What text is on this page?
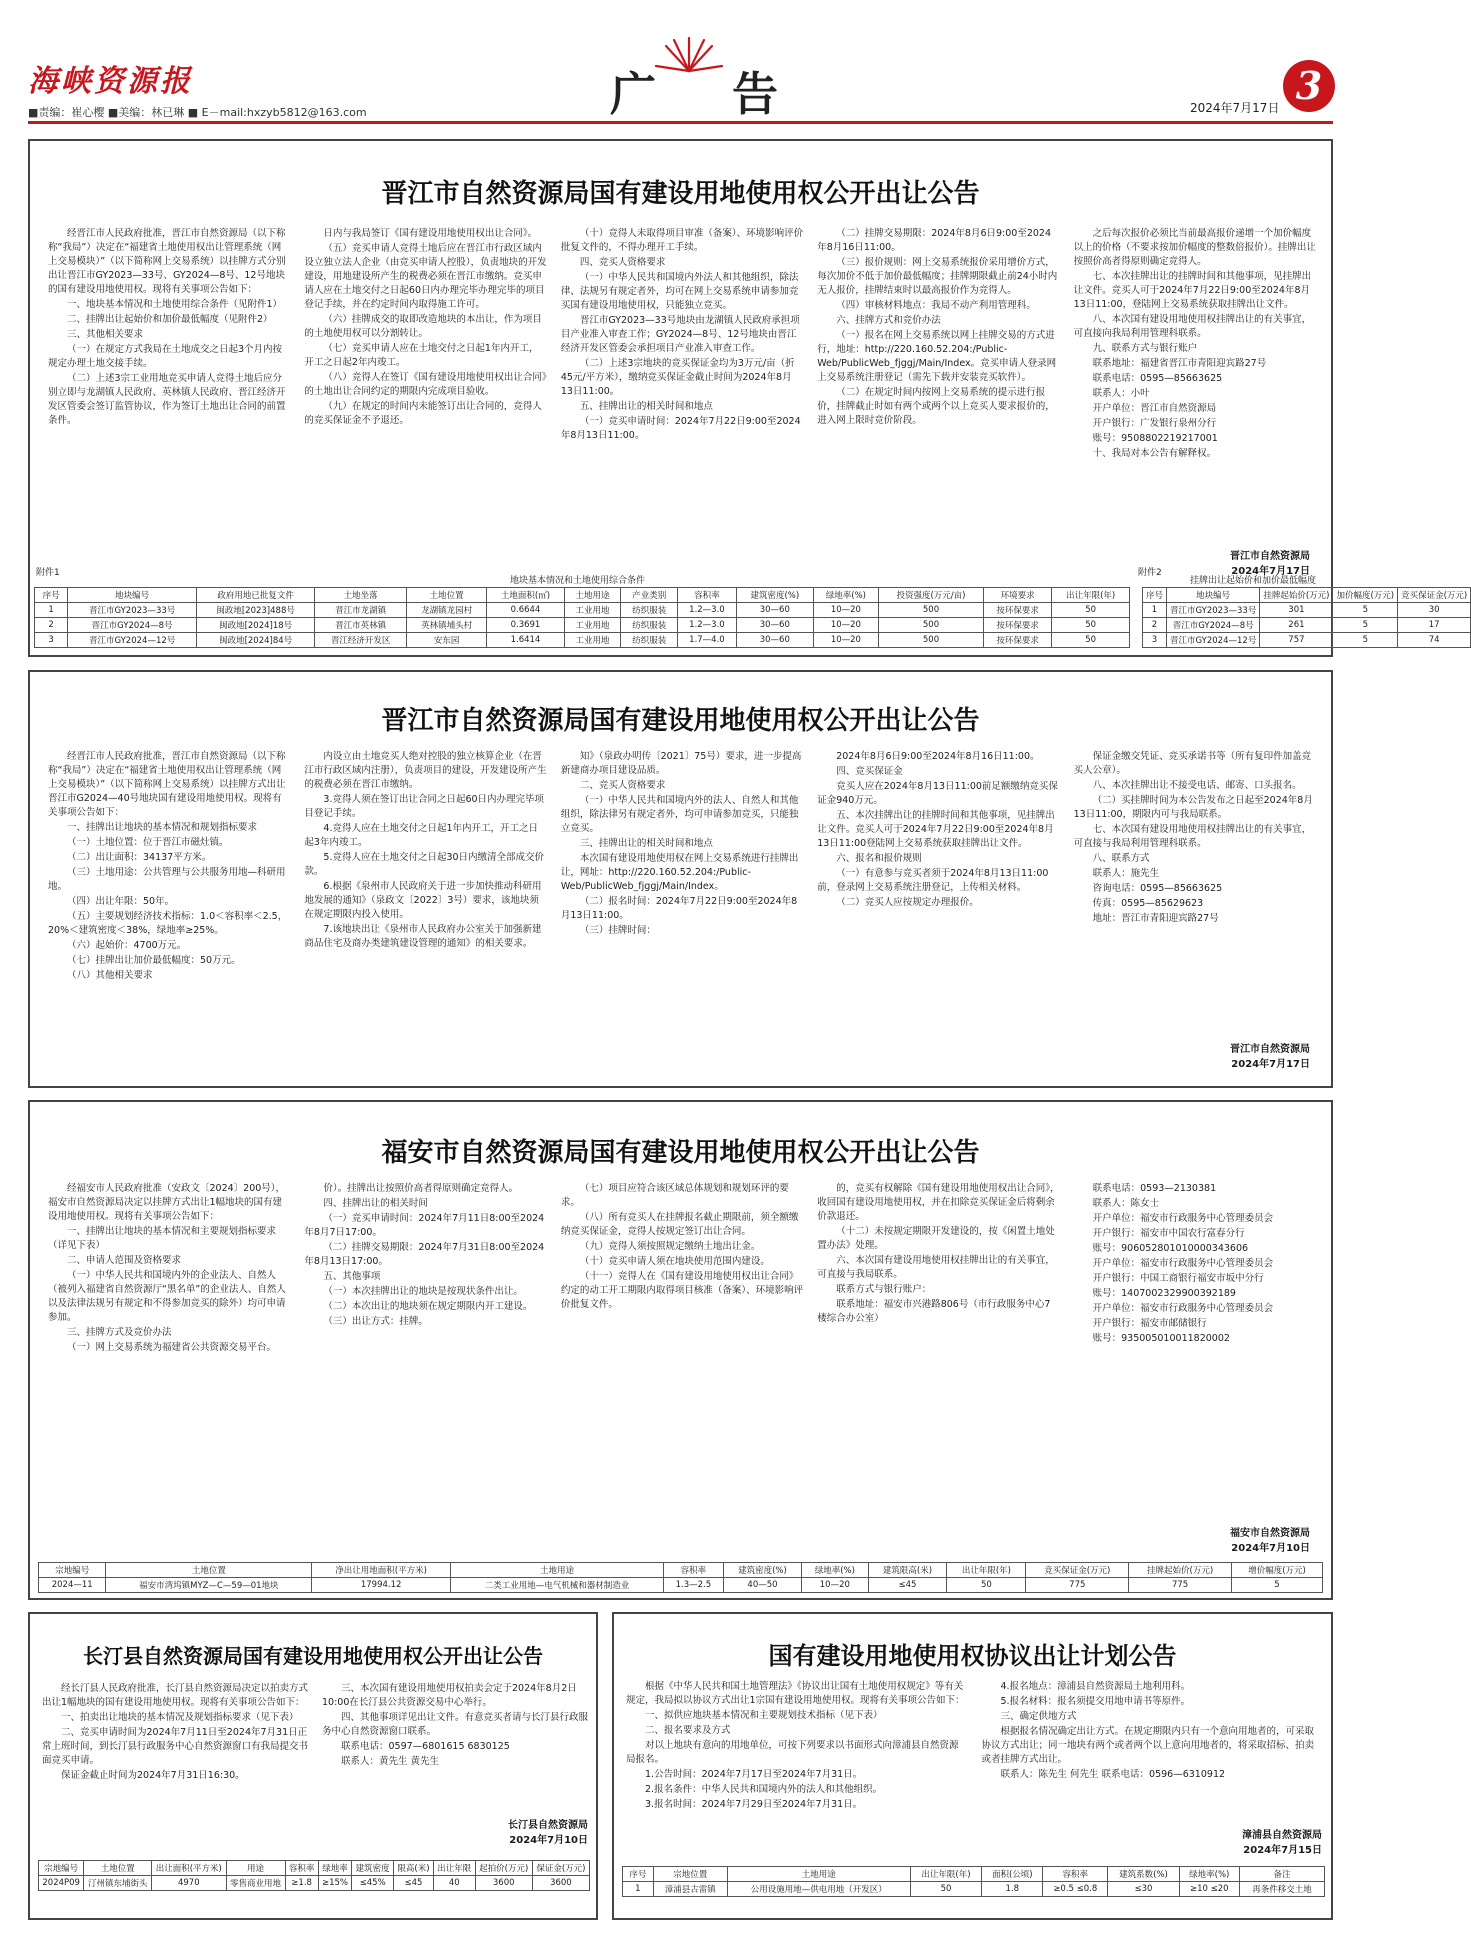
海峡资源报
■责编：崔心樱 ■美编：林已琳 ■ E－mail:hxzyb5812@163.com	广 告	2024年7月17日 3
晋江市自然资源局国有建设用地使用权公开出让公告

经晋江市人民政府批准，晋江市自然资源局（以下称称“我局”）决定在“福建省土地使用权出让管理系统（网上交易模块）”（以下简称网上交易系统）以挂牌方式分别出让晋江市GY2023—33号、GY2024—8号、12号地块的国有建设用地使用权。现将有关事项公告如下：

一、地块基本情况和土地使用综合条件（见附件1）

二、挂牌出让起始价和加价最低幅度（见附件2）

三、其他相关要求

（一）在规定方式我局在土地成交之日起3个月内按规定办理土地交接手续。

（二）上述3宗工业用地竞买申请人竞得土地后应分别立即与龙湖镇人民政府、英林镇人民政府、晋江经济开发区管委会签订监管协议，作为签订土地出让合同的前置条件。

日内与我局签订《国有建设用地使用权出让合同》。

（五）竞买申请人竞得土地后应在晋江市行政区域内设立独立法人企业（由竞买申请人控股），负责地块的开发建设，用地建设所产生的税费必须在晋江市缴纳。竞买申请人应在土地交付之日起60日内办理完毕办理完毕的项目登记手续，并在约定时间内取得施工许可。

（六）挂牌成交的取即改造地块的本出让，作为项目的土地使用权可以分割转让。

（七）竞买申请人应在土地交付之日起1年内开工，开工之日起2年内竣工。

（八）竞得人在签订《国有建设用地使用权出让合同》的土地出让合同约定的期限内完成项目验收。

（九）在规定的时间内未能签订出让合同的，竞得人的竞买保证金不予退还。

（十）竞得人未取得项目审准（备案）、环境影响评价批复文件的，不得办理开工手续。

四、竞买人资格要求

（一）中华人民共和国境内外法人和其他组织，除法律、法规另有规定者外，均可在网上交易系统申请参加竞买国有建设用地使用权，只能独立竞买。

晋江市GY2023—33号地块由龙湖镇人民政府承担项目产业准入审查工作；GY2024—8号、12号地块由晋江经济开发区管委会承担项目产业准入审查工作。

（二）上述3宗地块的竞买保证金均为3万元/亩（折45元/平方米），缴纳竞买保证金截止时间为2024年8月13日11:00。

五、挂牌出让的相关时间和地点

（一）竞买申请时间：2024年7月22日9:00至2024年8月13日11:00。

（二）挂牌交易期限：2024年8月6日9:00至2024年8月16日11:00。

（三）报价规则：网上交易系统报价采用增价方式，每次加价不低于加价最低幅度；挂牌期限截止前24小时内无人报价，挂牌结束时以最高报价作为竞得人。

（四）审核材料地点：我局不动产利用管理科。

六、挂牌方式和竞价办法

（一）报名在网上交易系统以网上挂牌交易的方式进行，地址：http://220.160.52.204:/Public-Web/PublicWeb_fjggj/Main/Index。竞买申请人登录网上交易系统注册登记（需先下载并安装竞买软件）。

（二）在规定时间内按网上交易系统的提示进行报价，挂牌截止时如有两个或两个以上竞买人要求报价的，进入网上限时竞价阶段。

之后每次报价必须比当前最高报价递增一个加价幅度以上的价格（不要求按加价幅度的整数倍报价）。挂牌出让按照价高者得原则确定竞得人。

七、本次挂牌出让的挂牌时间和其他事项，见挂牌出让文件。竞买人可于2024年7月22日9:00至2024年8月13日11:00，登陆网上交易系统获取挂牌出让文件。

八、本次国有建设用地使用权挂牌出让的有关事宜，可直接向我局利用管理科联系。

九、联系方式与银行账户

联系地址：福建省晋江市青阳迎宾路27号

联系电话：0595—85663625

联系人：小叶

开户单位：晋江市自然资源局

开户银行：广发银行泉州分行

账号：9508802219217001

十、我局对本公告有解释权。

晋江市自然资源局
2024年7月17日
附件1
地块基本情况和土地使用综合条件
附件2
挂牌出让起始价和加价最低幅度
序号	地块编号	政府用地已批复文件	土地坐落	土地位置	土地面积(㎡)	土地用途	产业类别	容积率	建筑密度(%)	绿地率(%)	投资强度(万元/亩)	环境要求	出让年限(年)
1	晋江市GY2023—33号	闽政地[2023]488号	晋江市龙湖镇	龙湖镇龙园村	0.6644	工业用地	纺织服装	1.2—3.0	30—60	10—20	500	按环保要求	50
2	晋江市GY2024—8号	闽政地[2024]18号	晋江市英林镇	英林镇埔头村	0.3691	工业用地	纺织服装	1.2—3.0	30—60	10—20	500	按环保要求	50
3	晋江市GY2024—12号	闽政地[2024]84号	晋江经济开发区	安东园	1.6414	工业用地	纺织服装	1.7—4.0	30—60	10—20	500	按环保要求	50
序号	地块编号	挂牌起始价(万元)	加价幅度(万元)	竞买保证金(万元)
1	晋江市GY2023—33号	301	5	30
2	晋江市GY2024—8号	261	5	17
3	晋江市GY2024—12号	757	5	74
晋江市自然资源局国有建设用地使用权公开出让公告

经晋江市人民政府批准，晋江市自然资源局（以下称称“我局”）决定在“福建省土地使用权出让管理系统（网上交易模块）”（以下简称网上交易系统）以挂牌方式出让晋江市G2024—40号地块国有建设用地使用权。现将有关事项公告如下：

一、挂牌出让地块的基本情况和规划指标要求

（一）土地位置：位于晋江市磁灶镇。

（二）出让面积：34137平方米。

（三）土地用途：公共管理与公共服务用地—科研用地。

（四）出让年限：50年。

（五）主要规划经济技术指标：1.0＜容积率＜2.5，20%＜建筑密度＜38%，绿地率≥25%。

（六）起始价：4700万元。

（七）挂牌出让加价最低幅度：50万元。

（八）其他相关要求

内设立由土地竞买人绝对控股的独立核算企业（在晋江市行政区域内注册），负责项目的建设，开发建设所产生的税费必须在晋江市缴纳。

3.竞得人须在签订出让合同之日起60日内办理完毕项目登记手续。

4.竞得人应在土地交付之日起1年内开工，开工之日起3年内竣工。

5.竞得人应在土地交付之日起30日内缴清全部成交价款。

6.根据《泉州市人民政府关于进一步加快推动科研用地发展的通知》（泉政文〔2022〕3号）要求，该地块须在规定期限内投入使用。

7.该地块出让《泉州市人民政府办公室关于加强新建商品住宅及商办类建筑建设管理的通知》的相关要求。

知》（泉政办明传〔2021〕75号）要求，进一步提高新建商办项目建设品质。

二、竞买人资格要求

（一）中华人民共和国境内外的法人、自然人和其他组织，除法律另有规定者外，均可申请参加竞买，只能独立竞买。

三、挂牌出让的相关时间和地点

本次国有建设用地使用权在网上交易系统进行挂牌出让，网址：http://220.160.52.204:/Public-Web/PublicWeb_fjggj/Main/Index。

（二）报名时间：2024年7月22日9:00至2024年8月13日11:00。

（三）挂牌时间：

2024年8月6日9:00至2024年8月16日11:00。

四、竞买保证金

竞买人应在2024年8月13日11:00前足额缴纳竞买保证金940万元。

五、本次挂牌出让的挂牌时间和其他事项，见挂牌出让文件。竞买人可于2024年7月22日9:00至2024年8月13日11:00登陆网上交易系统获取挂牌出让文件。

六、报名和报价规则

（一）有意参与竞买者须于2024年8月13日11:00前，登录网上交易系统注册登记，上传相关材料。

（二）竞买人应按规定办理报价。

保证金缴交凭证、竞买承诺书等（所有复印件加盖竞买人公章）。

八、本次挂牌出让不接受电话、邮寄、口头报名。

（二）买挂牌时间为本公告发布之日起至2024年8月13日11:00，期限内可与我局联系。

七、本次国有建设用地使用权挂牌出让的有关事宜，可直接与我局利用管理科联系。

八、联系方式

联系人：施先生

咨询电话：0595—85663625

传真：0595—85629623

地址：晋江市青阳迎宾路27号

晋江市自然资源局
2024年7月17日
福安市自然资源局国有建设用地使用权公开出让公告

经福安市人民政府批准（安政文〔2024〕200号），福安市自然资源局决定以挂牌方式出让1幅地块的国有建设用地使用权。现将有关事项公告如下：

一、挂牌出让地块的基本情况和主要规划指标要求（详见下表）

二、申请人范围及资格要求

（一）中华人民共和国境内外的企业法人、自然人（被列入福建省自然资源厅“黑名单”的企业法人、自然人以及法律法规另有规定和不得参加竞买的除外）均可申请参加。

三、挂牌方式及竞价办法

（一）网上交易系统为福建省公共资源交易平台。

价）。挂牌出让按照价高者得原则确定竞得人。

四、挂牌出让的相关时间

（一）竞买申请时间：2024年7月11日8:00至2024年8月7日17:00。

（二）挂牌交易期限：2024年7月31日8:00至2024年8月13日17:00。

五、其他事项

（一）本次挂牌出让的地块是按现状条件出让。

（二）本次出让的地块须在规定期限内开工建设。

（三）出让方式：挂牌。

（七）项目应符合该区域总体规划和规划环评的要求。

（八）所有竞买人在挂牌报名截止期限前，须全额缴纳竞买保证金，竞得人按规定签订出让合同。

（九）竞得人须按照规定缴纳土地出让金。

（十）竞买申请人须在地块使用范围内建设。

（十一）竞得人在《国有建设用地使用权出让合同》约定的动工开工期限内取得项目核准（备案）、环境影响评价批复文件。

的，竞买有权解除《国有建设用地使用权出让合同》，收回国有建设用地使用权，并在扣除竞买保证金后将剩余价款退还。

（十二）未按规定期限开发建设的，按《闲置土地处置办法》处理。

六、本次国有建设用地使用权挂牌出让的有关事宜，可直接与我局联系。

联系方式与银行账户：

联系地址：福安市兴港路806号（市行政服务中心7楼综合办公室）

联系电话：0593—2130381

联系人：陈女士

开户单位：福安市行政服务中心管理委员会

开户银行：福安市中国农行富春分行

账号：906052801010000343606

开户单位：福安市行政服务中心管理委员会

开户银行：中国工商银行福安市坂中分行

账号：1407002329900392189

开户单位：福安市行政服务中心管理委员会

开户银行：福安市邮储银行

账号：935005010011820002

福安市自然资源局
2024年7月10日
宗地编号	土地位置	净出让用地面积(平方米)	土地用途	容积率	建筑密度(%)	绿地率(%)	建筑限高(米)	出让年限(年)	竞买保证金(万元)	挂牌起始价(万元)	增价幅度(万元)
2024—11	福安市湾坞镇MYZ—C—59—01地块	17994.12	二类工业用地—电气机械和器材制造业	1.3—2.5	40—50	10—20	≤45	50	775	775	5
长汀县自然资源局国有建设用地使用权公开出让公告

经长汀县人民政府批准，长汀县自然资源局决定以拍卖方式出让1幅地块的国有建设用地使用权。现将有关事项公告如下：

一、拍卖出让地块的基本情况及规划指标要求（见下表）

二、竞买申请时间为2024年7月11日至2024年7月31日正常上班时间，到长汀县行政服务中心自然资源窗口有我局提交书面竞买申请。

保证金截止时间为2024年7月31日16:30。

三、本次国有建设用地使用权拍卖会定于2024年8月2日10:00在长汀县公共资源交易中心举行。

四、其他事项详见出让文件。有意竞买者请与长汀县行政服务中心自然资源窗口联系。

联系电话：0597—6801615 6830125

联系人：黄先生 黄先生

长汀县自然资源局
2024年7月10日
宗地编号	土地位置	出让面积(平方米)	用途	容积率	绿地率	建筑密度	限高(米)	出让年限	起拍价(万元)	保证金(万元)
2024P09	汀州镇东埔街头	4970	零售商业用地	≥1.8	≥15%	≤45%	≤45	40	3600	3600
国有建设用地使用权协议出让计划公告

根据《中华人民共和国土地管理法》《协议出让国有土地使用权规定》等有关规定，我局拟以协议方式出让1宗国有建设用地使用权。现将有关事项公告如下：

一、拟供应地块基本情况和主要规划技术指标（见下表）

二、报名要求及方式

对以上地块有意向的用地单位，可按下列要求以书面形式向漳浦县自然资源局报名。

1.公告时间：2024年7月17日至2024年7月31日。

2.报名条件：中华人民共和国境内外的法人和其他组织。

3.报名时间：2024年7月29日至2024年7月31日。

4.报名地点：漳浦县自然资源局土地利用科。

5.报名材料：报名须提交用地申请书等原件。

三、确定供地方式

根据报名情况确定出让方式。在规定期限内只有一个意向用地者的，可采取协议方式出让；同一地块有两个或者两个以上意向用地者的，将采取招标、拍卖或者挂牌方式出让。

联系人：陈先生 何先生 联系电话：0596—6310912

漳浦县自然资源局
2024年7月15日
序号	宗地位置	土地用途	出让年限(年)	面积(公顷)	容积率	建筑系数(%)	绿地率(%)	备注
1	漳浦县古雷镇	公用设施用地—供电用地（开发区）	50	1.8	≥0.5 ≤0.8	≤30	≥10 ≤20	再条件移交土地
